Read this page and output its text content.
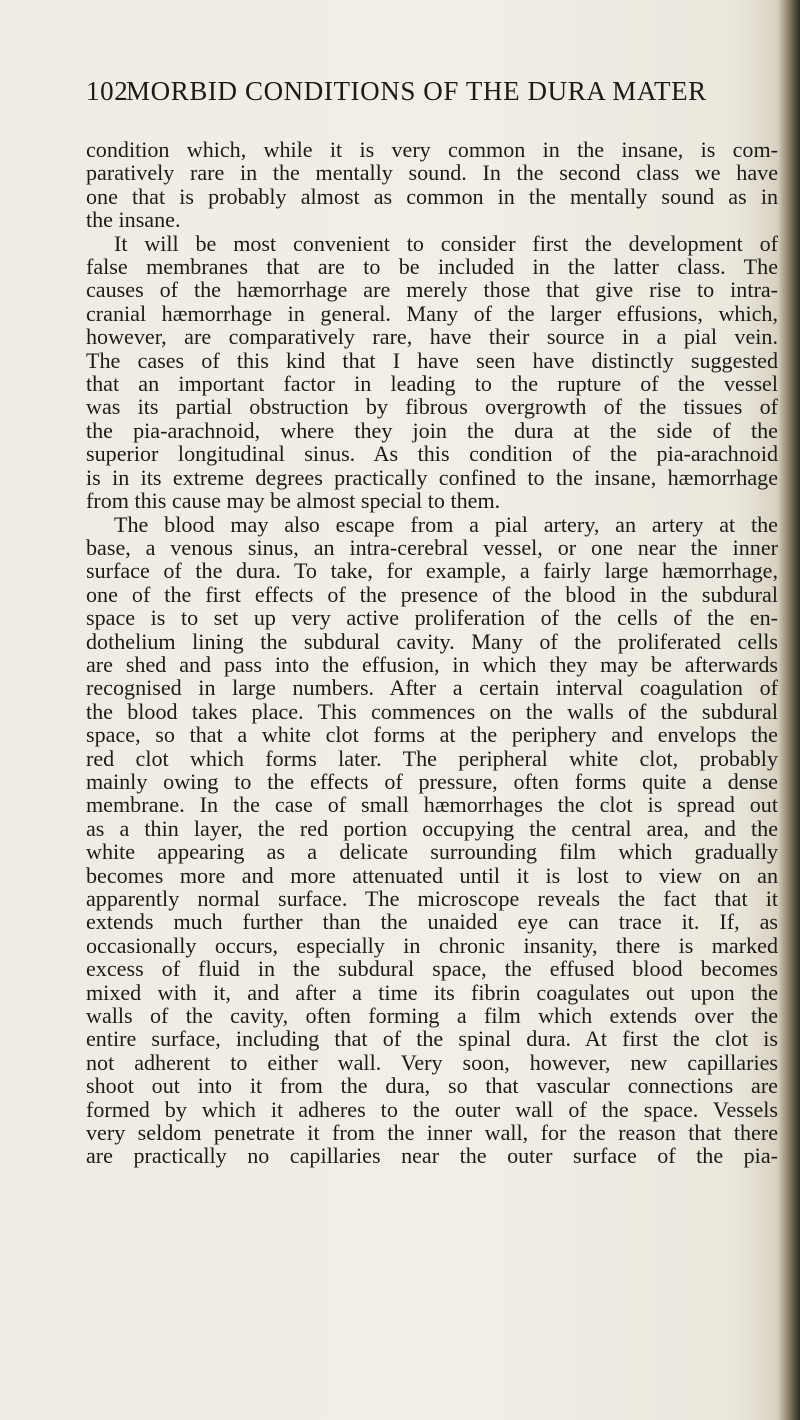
102
MORBID CONDITIONS OF THE DURA MATER
condition which, while it is very common in the insane, is com-
paratively rare in the mentally sound. In the second class we have
one that is probably almost as common in the mentally sound as in
the insane.
It will be most convenient to consider first the development of
false membranes that are to be included in the latter class. The
causes of the hæmorrhage are merely those that give rise to intra-
cranial hæmorrhage in general. Many of the larger effusions, which,
however, are comparatively rare, have their source in a pial vein.
The cases of this kind that I have seen have distinctly suggested
that an important factor in leading to the rupture of the vessel
was its partial obstruction by fibrous overgrowth of the tissues of
the pia-arachnoid, where they join the dura at the side of the
superior longitudinal sinus. As this condition of the pia-arachnoid
is in its extreme degrees practically confined to the insane, hæmorrhage
from this cause may be almost special to them.
The blood may also escape from a pial artery, an artery at the
base, a venous sinus, an intra-cerebral vessel, or one near the inner
surface of the dura. To take, for example, a fairly large hæmorrhage,
one of the first effects of the presence of the blood in the subdural
space is to set up very active proliferation of the cells of the en-
dothelium lining the subdural cavity. Many of the proliferated cells
are shed and pass into the effusion, in which they may be afterwards
recognised in large numbers. After a certain interval coagulation of
the blood takes place. This commences on the walls of the subdural
space, so that a white clot forms at the periphery and envelops the
red clot which forms later. The peripheral white clot, probably
mainly owing to the effects of pressure, often forms quite a dense
membrane. In the case of small hæmorrhages the clot is spread out
as a thin layer, the red portion occupying the central area, and the
white appearing as a delicate surrounding film which gradually
becomes more and more attenuated until it is lost to view on an
apparently normal surface. The microscope reveals the fact that it
extends much further than the unaided eye can trace it. If, as
occasionally occurs, especially in chronic insanity, there is marked
excess of fluid in the subdural space, the effused blood becomes
mixed with it, and after a time its fibrin coagulates out upon the
walls of the cavity, often forming a film which extends over the
entire surface, including that of the spinal dura. At first the clot is
not adherent to either wall. Very soon, however, new capillaries
shoot out into it from the dura, so that vascular connections are
formed by which it adheres to the outer wall of the space. Vessels
very seldom penetrate it from the inner wall, for the reason that there
are practically no capillaries near the outer surface of the pia-
